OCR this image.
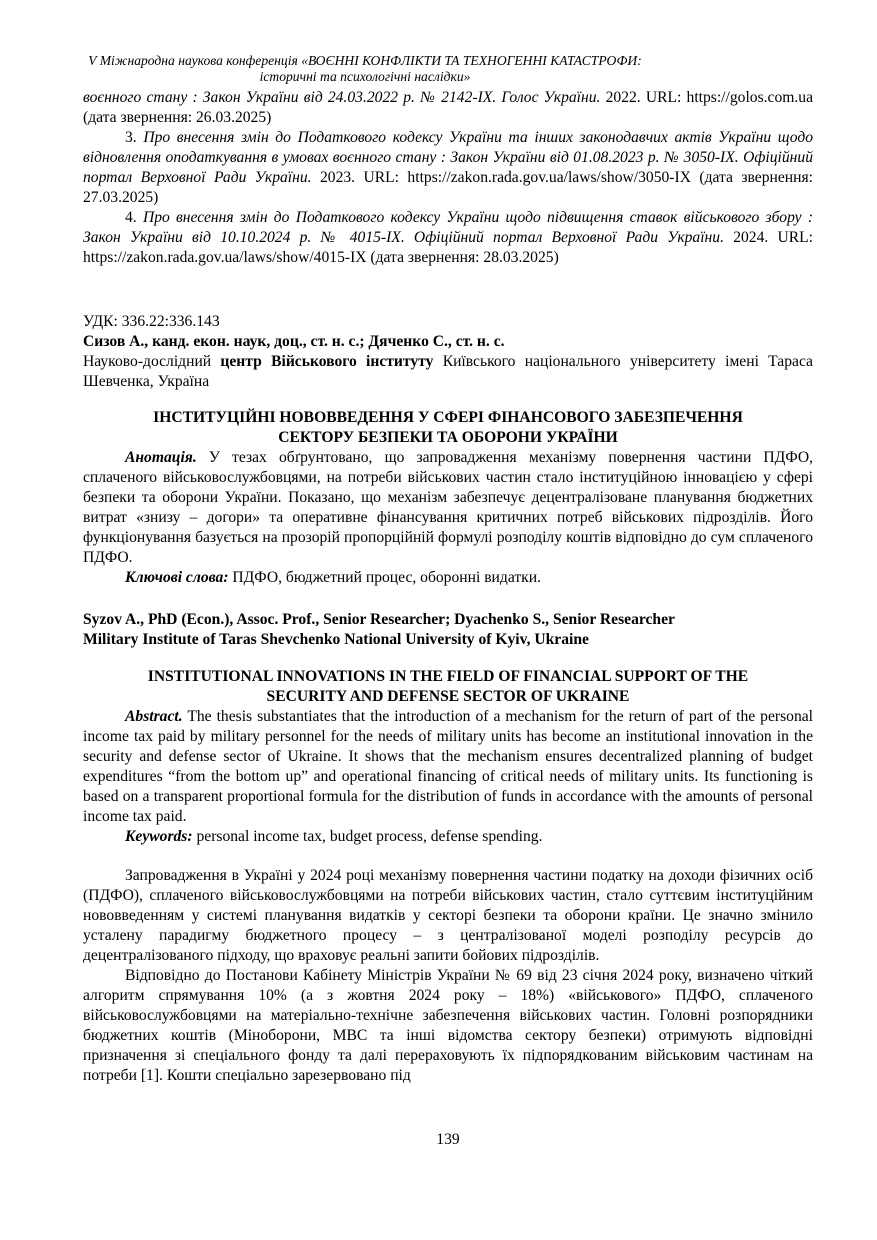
V Міжнародна наукова конференція «ВОЄННІ КОНФЛІКТИ ТА ТЕХНОГЕННІ КАТАСТРОФИ:
історичні та психологічні наслідки»

воєнного стану : Закон України від 24.03.2022 р. № 2142-IX. Голос України. 2022. URL: https://golos.com.ua (дата звернення: 26.03.2025)

3. Про внесення змін до Податкового кодексу України та інших законодавчих актів України щодо відновлення оподаткування в умовах воєнного стану : Закон України від 01.08.2023 р. № 3050-IX. Офіційний портал Верховної Ради України. 2023. URL: https://zakon.rada.gov.ua/laws/show/3050-IX (дата звернення: 27.03.2025)

4. Про внесення змін до Податкового кодексу України щодо підвищення ставок військового збору : Закон України від 10.10.2024 р. № 4015-IX. Офіційний портал Верховної Ради України. 2024. URL: https://zakon.rada.gov.ua/laws/show/4015-IX (дата звернення: 28.03.2025)

УДК: 336.22:336.143

Сизов А., канд. екон. наук, доц., ст. н. с.; Дяченко С., ст. н. с.

Науково-дослідний центр Військового інституту Київського національного університету імені Тараса Шевченка, Україна

ІНСТИТУЦІЙНІ НОВОВВЕДЕННЯ У СФЕРІ ФІНАНСОВОГО ЗАБЕЗПЕЧЕННЯ

СЕКТОРУ БЕЗПЕКИ ТА ОБОРОНИ УКРАЇНИ

Анотація. У тезах обґрунтовано, що запровадження механізму повернення частини ПДФО, сплаченого військовослужбовцями, на потреби військових частин стало інституційною інновацією у сфері безпеки та оборони України. Показано, що механізм забезпечує децентралізоване планування бюджетних витрат «знизу – догори» та оперативне фінансування критичних потреб військових підрозділів. Його функціонування базується на прозорій пропорційній формулі розподілу коштів відповідно до сум сплаченого ПДФО.

Ключові слова: ПДФО, бюджетний процес, оборонні видатки.

Syzov A., PhD (Econ.), Assoc. Prof., Senior Researcher; Dyachenko S., Senior Researcher

Military Institute of Taras Shevchenko National University of Kyiv, Ukraine

INSTITUTIONAL INNOVATIONS IN THE FIELD OF FINANCIAL SUPPORT OF THE

SECURITY AND DEFENSE SECTOR OF UKRAINE

Abstract. The thesis substantiates that the introduction of a mechanism for the return of part of the personal income tax paid by military personnel for the needs of military units has become an institutional innovation in the security and defense sector of Ukraine. It shows that the mechanism ensures decentralized planning of budget expenditures “from the bottom up” and operational financing of critical needs of military units. Its functioning is based on a transparent proportional formula for the distribution of funds in accordance with the amounts of personal income tax paid.

Keywords: personal income tax, budget process, defense spending.

Запровадження в Україні у 2024 році механізму повернення частини податку на доходи фізичних осіб (ПДФО), сплаченого військовослужбовцями на потреби військових частин, стало суттєвим інституційним нововведенням у системі планування видатків у секторі безпеки та оборони країни. Це значно змінило усталену парадигму бюджетного процесу – з централізованої моделі розподілу ресурсів до децентралізованого підходу, що враховує реальні запити бойових підрозділів.

Відповідно до Постанови Кабінету Міністрів України № 69 від 23 січня 2024 року, визначено чіткий алгоритм спрямування 10% (а з жовтня 2024 року – 18%) «військового» ПДФО, сплаченого військовослужбовцями на матеріально-технічне забезпечення військових частин. Головні розпорядники бюджетних коштів (Міноборони, МВС та інші відомства сектору безпеки) отримують відповідні призначення зі спеціального фонду та далі перераховують їх підпорядкованим військовим частинам на потреби [1]. Кошти спеціально зарезервовано під

139
